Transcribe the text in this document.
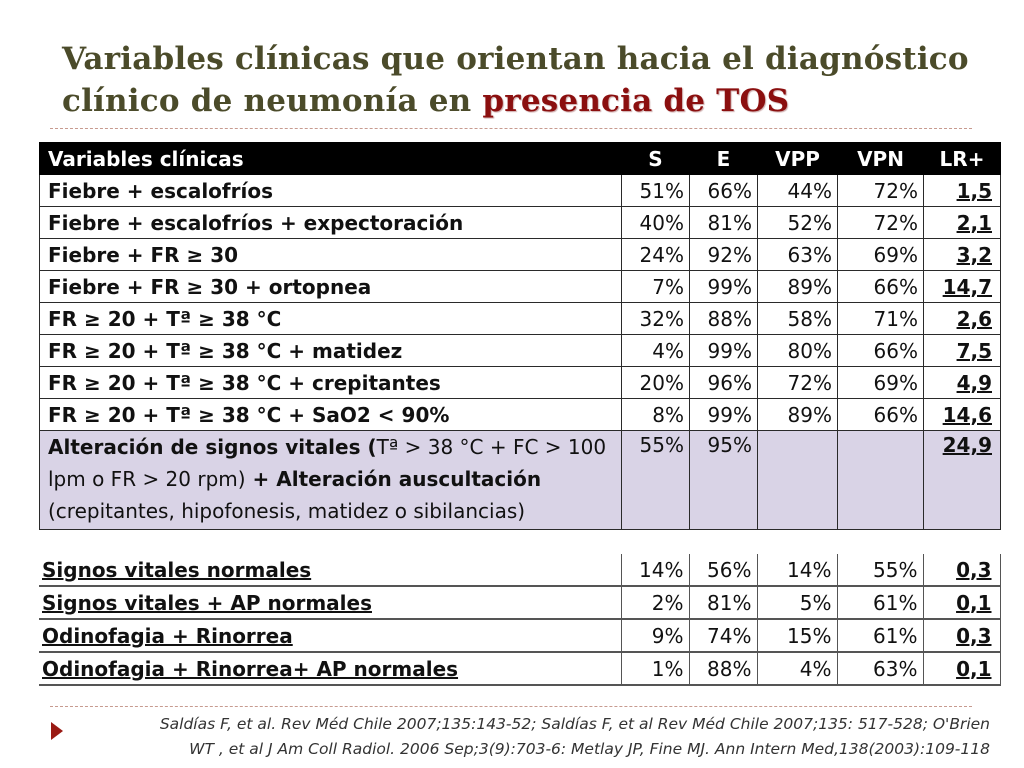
Variables clínicas que orientan hacia el diagnóstico
clínico de neumonía en presencia de TOS
Variables clínicas	S	E	VPP	VPN	LR+
Fiebre + escalofríos	51%	66%	44%	72%	1,5
Fiebre + escalofríos + expectoración	40%	81%	52%	72%	2,1
Fiebre + FR ≥ 30	24%	92%	63%	69%	3,2
Fiebre + FR ≥ 30 + ortopnea	7%	99%	89%	66%	14,7
FR ≥ 20 + Tª ≥ 38 °C	32%	88%	58%	71%	2,6
FR ≥ 20 + Tª ≥ 38 °C + matidez	4%	99%	80%	66%	7,5
FR ≥ 20 + Tª ≥ 38 °C + crepitantes	20%	96%	72%	69%	4,9
FR ≥ 20 + Tª ≥ 38 °C + SaO2 < 90%	8%	99%	89%	66%	14,6
Alteración de signos vitales (Tª > 38 °C + FC > 100 lpm o FR > 20 rpm) + Alteración auscultación
(crepitantes, hipofonesis, matidez o sibilancias)	55%	95%			24,9
Signos vitales normales	14%	56%	14%	55%	0,3
Signos vitales + AP normales	2%	81%	5%	61%	0,1
Odinofagia + Rinorrea	9%	74%	15%	61%	0,3
Odinofagia + Rinorrea+ AP normales	1%	88%	4%	63%	0,1

Saldías F, et al. Rev Méd Chile 2007;135:143-52; Saldías F, et al Rev Méd Chile 2007;135: 517-528; O'Brien
WT , et al J Am Coll Radiol. 2006 Sep;3(9):703-6: Metlay JP, Fine MJ. Ann Intern Med,138(2003):109-118
